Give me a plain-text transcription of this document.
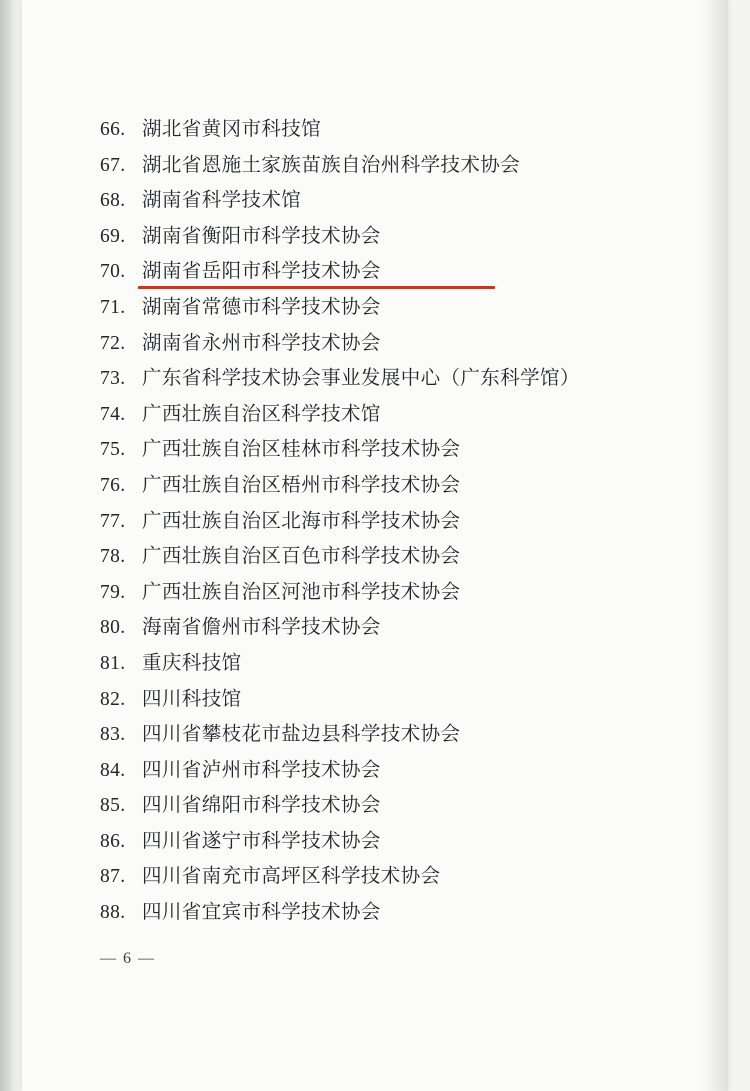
66. 湖北省黄冈市科技馆
67. 湖北省恩施土家族苗族自治州科学技术协会
68. 湖南省科学技术馆
69. 湖南省衡阳市科学技术协会
70. 湖南省岳阳市科学技术协会
71. 湖南省常德市科学技术协会
72. 湖南省永州市科学技术协会
73. 广东省科学技术协会事业发展中心（广东科学馆）
74. 广西壮族自治区科学技术馆
75. 广西壮族自治区桂林市科学技术协会
76. 广西壮族自治区梧州市科学技术协会
77. 广西壮族自治区北海市科学技术协会
78. 广西壮族自治区百色市科学技术协会
79. 广西壮族自治区河池市科学技术协会
80. 海南省儋州市科学技术协会
81. 重庆科技馆
82. 四川科技馆
83. 四川省攀枝花市盐边县科学技术协会
84. 四川省泸州市科学技术协会
85. 四川省绵阳市科学技术协会
86. 四川省遂宁市科学技术协会
87. 四川省南充市高坪区科学技术协会
88. 四川省宜宾市科学技术协会
— 6 —
